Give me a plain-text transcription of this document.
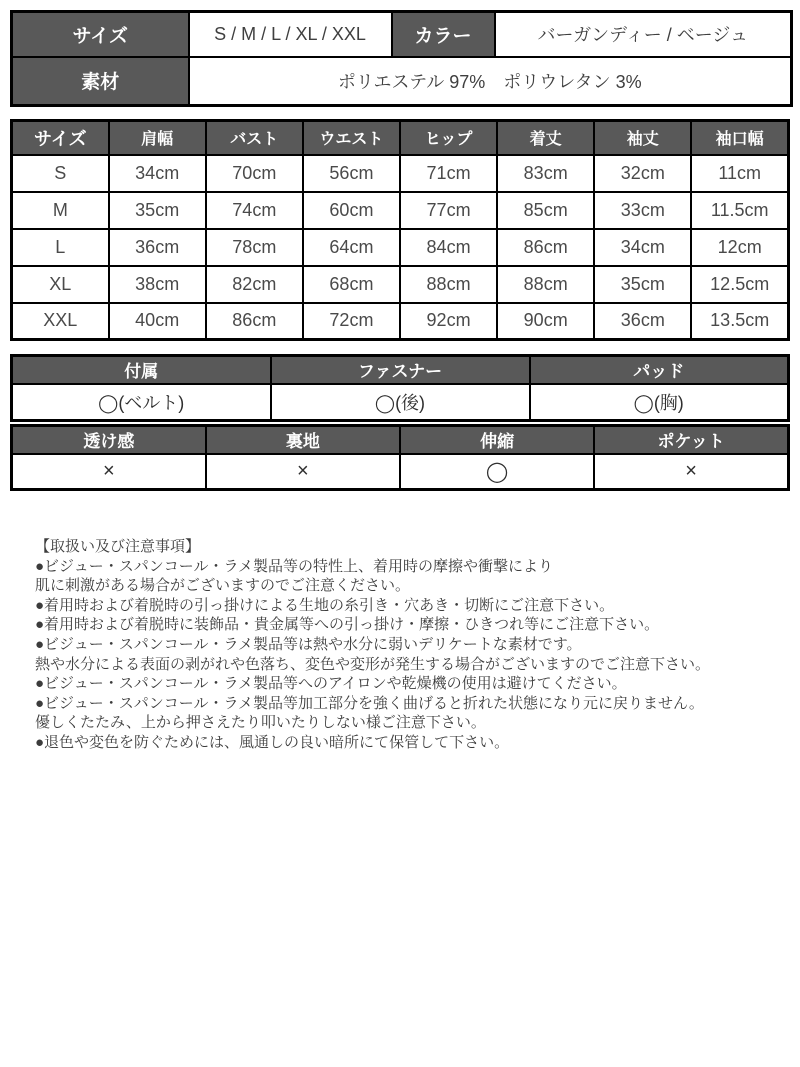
サイズ	S / M / L / XL / XXL	カラー	バーガンディー / ベージュ
素材	ポリエステル 97%　ポリウレタン 3%		
サイズ	肩幅	バスト	ウエスト	ヒップ	着丈	袖丈	袖口幅
S	34cm	70cm	56cm	71cm	83cm	32cm	11cm
M	35cm	74cm	60cm	77cm	85cm	33cm	11.5cm
L	36cm	78cm	64cm	84cm	86cm	34cm	12cm
XL	38cm	82cm	68cm	88cm	88cm	35cm	12.5cm
XXL	40cm	86cm	72cm	92cm	90cm	36cm	13.5cm
付属	ファスナー	パッド
◯(ベルト)	◯(後)	◯(胸)
透け感	裏地	伸縮	ポケット
×	×	◯	×
【取扱い及び注意事項】
●ビジュー・スパンコール・ラメ製品等の特性上、着用時の摩擦や衝撃により
肌に刺激がある場合がございますのでご注意ください。
●着用時および着脱時の引っ掛けによる生地の糸引き・穴あき・切断にご注意下さい。
●着用時および着脱時に装飾品・貴金属等への引っ掛け・摩擦・ひきつれ等にご注意下さい。
●ビジュー・スパンコール・ラメ製品等は熱や水分に弱いデリケートな素材です。
熱や水分による表面の剥がれや色落ち、変色や変形が発生する場合がございますのでご注意下さい。
●ビジュー・スパンコール・ラメ製品等へのアイロンや乾燥機の使用は避けてください。
●ビジュー・スパンコール・ラメ製品等加工部分を強く曲げると折れた状態になり元に戻りません。
優しくたたみ、上から押さえたり叩いたりしない様ご注意下さい。
●退色や変色を防ぐためには、風通しの良い暗所にて保管して下さい。
